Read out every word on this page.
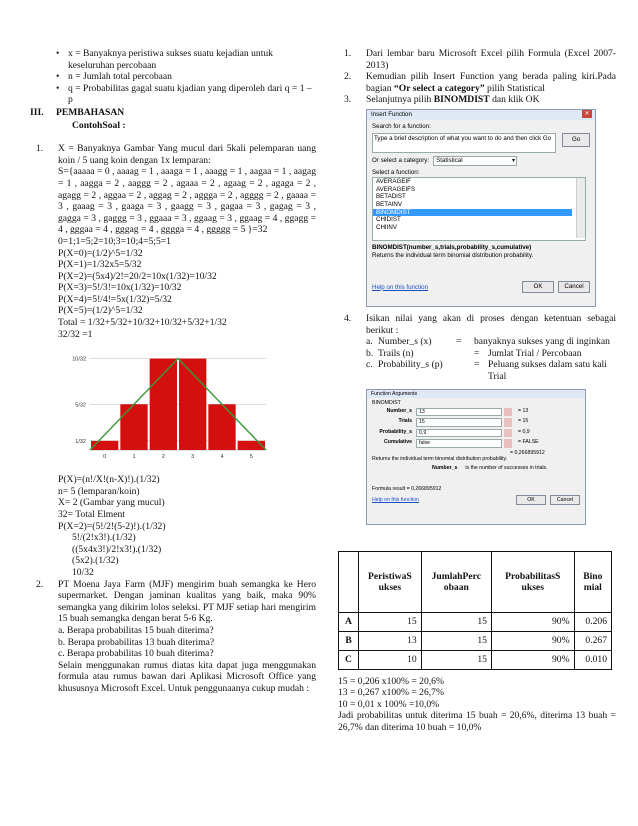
• x = Banyaknya peristiwa sukses suatu kejadian untuk keseluruhan percobaan
• n = Jumlah total percobaan
• q = Probabilitas gagal suatu kjadian yang diperoleh dari q = 1 – p
III. PEMBAHASAN
ContohSoal :
1.	X = Banyaknya Gambar Yang mucul dari 5kali pelemparan uang koin / 5 uang koin dengan 1x lemparan:
S={aaaaa = 0 , aaaag = 1 , aaaga = 1 , aaagg = 1 , aagaa = 1 , aagag = 1 , aagga = 2 , aaggg = 2 , agaaa = 2 , agaag = 2 , agaga = 2 , agagg = 2 , aggaa = 2 , aggag = 2 , aggga = 2 , agggg = 2 , gaaaa = 3 , gaaag = 3 , gaaga = 3 , gaagg = 3 , gagaa = 3 , gagag = 3 , gagga = 3 , gaggg = 3 , ggaaa = 3 , ggaag = 3 , ggaag = 4 , ggagg = 4 , gggaa = 4 , gggag = 4 , gggga = 4 , ggggg = 5 }=32
0=1;1=5;2=10;3=10;4=5;5=1
P(X=0)=(1/2)^5=1/32
P(X=1)=1/32x5=5/32
P(X=2)=(5x4)/2!=20/2=10x(1/32)=10/32
P(X=3)=5!/3!=10x(1/32)=10/32
P(X=4)=5!/4!=5x(1/32)=5/32
P(X=5)=(1/2)^5=1/32
Total = 1/32+5/32+10/32+10/32+5/32+1/32
32/32 =1
1/32
5/32
10/32
0	1	2	3	4	5
P(X)=(n!/X!(n-X)!).(1/32)
n= 5 (lemparan/koin)
X= 2 (Gambar yang mucul)
32= Total Elment
P(X=2)=(5!/2!(5-2)!).(1/32)
5!/(2!x3!).(1/32)
((5x4x3!)/2!x3!).(1/32)
(5x2).(1/32)
10/32
2.	PT Moena Jaya Farm (MJF) mengirim buah semangka ke Hero supermarket. Dengan jaminan kualitas yang baik, maka 90% semangka yang dikirim lolos seleksi. PT MJF setiap hari mengirim 15 buah semangka dengan berat 5-6 Kg.
a. Berapa probabilitas 15 buah diterima?
b. Berapa probabilitas 13 buah diterima?
c. Berapa probabilitas 10 buah diterima?
Selain menggunakan rumus diatas kita dapat juga menggunakan formula atau rumus bawan dari Aplikasi Microsoft Office yang khususnya Microsoft Excel. Untuk penggunaanya cukup mudah :
1.	Dari lembar baru Microsoft Excel pilih Formula (Excel 2007-2013)
2.	Kemudian pilih Insert Function yang berada paling kiri.Pada bagian “Or select a category” pilih Statistical
3.	Selanjutnya pilih BINOMDIST dan klik OK
Insert Function	✕
Search for a function:
Type a brief description of what you want to do and then click Go	Go
Or select a category:	Statistical	▾
Select a function:
AVERAGEIF
AVERAGEIFS
BETADIST
BETAINV
BINOMDIST
CHIDIST
CHIINV
BINOMDIST(number_s,trials,probability_s,cumulative)
Returns the individual term binomial distribution probability.
Help on this function	OK	Cancel
4.	Isikan nilai yang akan di proses dengan ketentuan sebagai berikut :
a. Number_s (x)	=	banyaknya sukses yang di inginkan
b. Trails (n)	= Jumlat Trial / Percobaan
c. Probability_s (p)	= Peluang sukses dalam satu kali Trial
Function Arguments
BINOMDIST
Number_s	13	= 13
Trials	15	= 15
Probability_s	0,9	= 0,9
Cumulative	false	= FALSE
= 0,266895912
Returns the individual term binomial distribution probability.
Number_s is the number of successes in trials.
Formula result = 0,266895912
Help on this function	OK	Cancel
	PeristiwaS ukses	JumlahPerc obaan	ProbabilitasS ukses	Bino mial
A	15	15	90%	0.206
B	13	15	90%	0.267
C	10	15	90%	0.010
15 = 0,206 x100% = 20,6%
13 = 0,267 x100% = 26,7%
10 = 0,01 x 100% =10,0%
Jadi probabilitas untuk diterima 15 buah = 20,6%, diterima 13 buah = 26,7% dan diterima 10 buah = 10,0%
